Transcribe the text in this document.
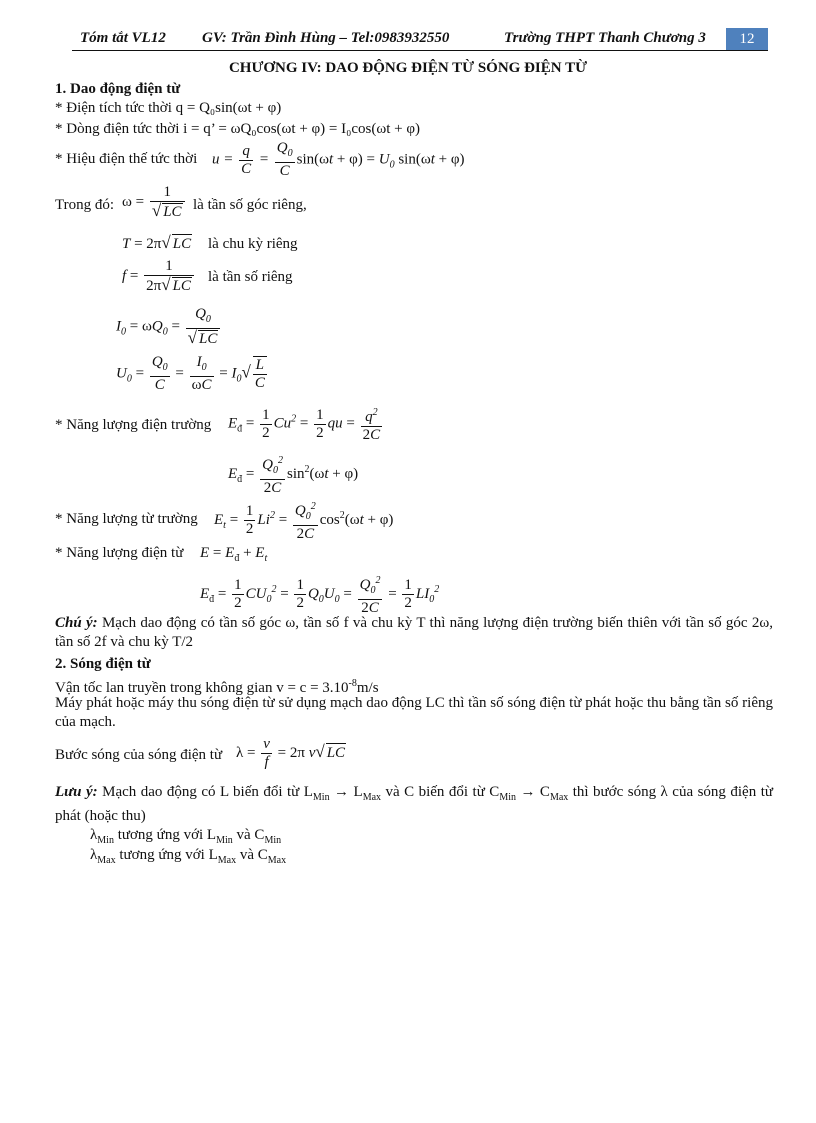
Tóm tắt VL12 GV: Trần Đình Hùng – Tel:0983932550	Trường THPT Thanh Chương 3	12
CHƯƠNG IV: DAO ĐỘNG ĐIỆN TỪ SÓNG ĐIỆN TỪ
1. Dao động điện từ
* Điện tích tức thời q = Q₀sin(ωt + φ)
* Dòng điện tức thời i = q’ = ωQ₀cos(ωt + φ) = I₀cos(ωt + φ)
* Hiệu điện thế tức thời $u = \frac{q}{C} = \frac{Q_0}{C} \sin(\omega t + \varphi) = U_0$ sin(ωt + φ)
Trong đó: $\omega = \frac{1}{√ LC}$ là tần số góc riêng,
T = 2π√ LC là chu kỳ riêng
$f = \frac{1}{2\pi√ LC}$ là tần số riêng
$I_0 = \omega Q_0 = \frac{Q_0}{√ LC}$
$U_0 = \frac{Q_0}{C} = \frac{I_0}{\omega C} = I_0√ \frac{L}{C}$
* Năng lượng điện trường $E_đ = \frac{1}{2} Cu^2 = \frac{1}{2}$ qu = $\frac{q^2}{2C}$
$E_đ = \frac{Q_0^2}{2C} \sin^2(\omega t + \varphi)$
* Năng lượng từ trường $E_t = \frac{1}{2} Li^2 = \frac{Q_0^2}{2C} \cos^2(\omega t + \varphi)$
* Năng lượng điện từ $E = E_đ + E_t$
$E_đ = \frac{1}{2} CU_0^2 = \frac{1}{2} Q_0U_0 = \frac{Q_0^2}{2C} = \frac{1}{2} LI_0^2$
Chú ý: Mạch dao động có tần số góc ω, tần số f và chu kỳ T thì năng lượng điện trường biến thiên với tần số góc 2ω, tần số 2f và chu kỳ T/2
2. Sóng điện từ
Vận tốc lan truyền trong không gian $v = c = 3.10^{-8}m/s$
Máy phát hoặc máy thu sóng điện từ sử dụng mạch dao động LC thì tần số sóng điện từ phát hoặc thu bằng tần số riêng của mạch.
Bước sóng của sóng điện từ $\lambda = \frac{v}{f} = 2\pi$ v√ LC
Lưu ý: Mạch dao động có L biến đổi từ $L_{Min} \to L_{Max}$ và C biến đổi từ $C_{Min} \to C_{Max}$ thì bước sóng λ của sóng điện từ phát (hoặc thu)
$\lambda_{Min}$ tương ứng với $L_{Min}$ và $C_{Min}$
$\lambda_{Max}$ tương ứng với $L_{Max}$ và $C_{Max}$
